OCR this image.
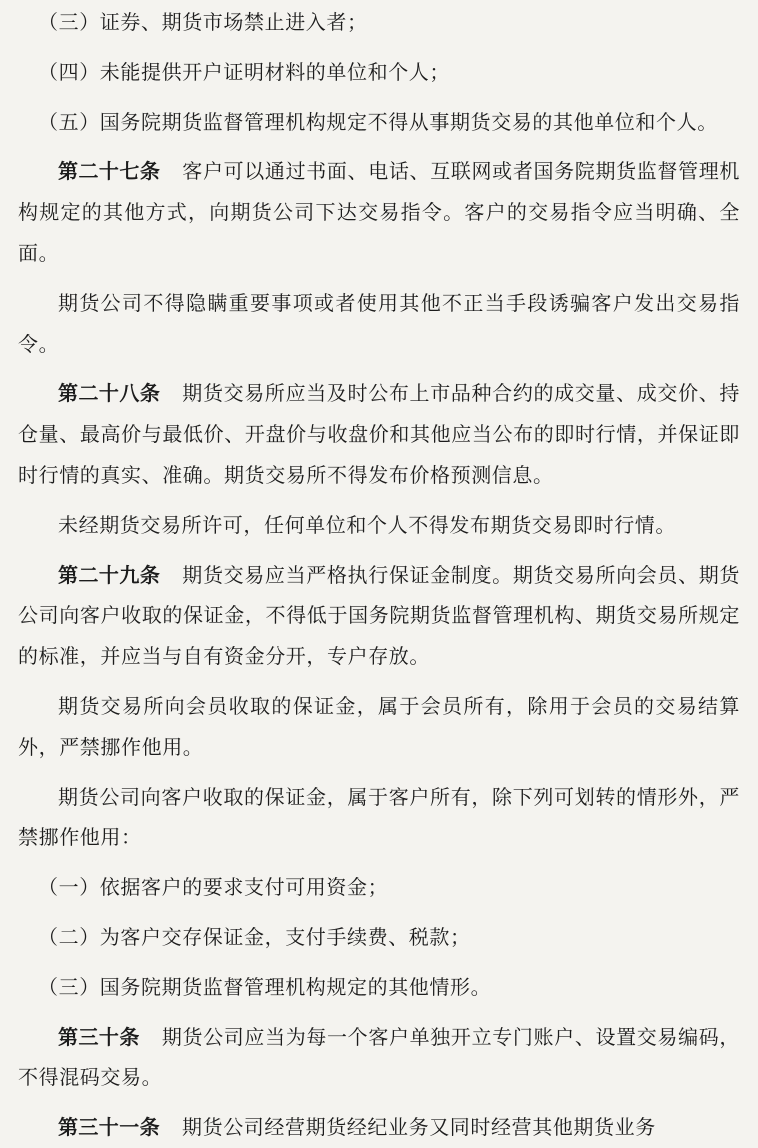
（三）证券、期货市场禁止进入者；

（四）未能提供开户证明材料的单位和个人；

（五）国务院期货监督管理机构规定不得从事期货交易的其他单位和个人。

第二十七条 客户可以通过书面、电话、互联网或者国务院期货监督管理机构规定的其他方式，向期货公司下达交易指令。客户的交易指令应当明确、全面。

期货公司不得隐瞒重要事项或者使用其他不正当手段诱骗客户发出交易指令。

第二十八条 期货交易所应当及时公布上市品种合约的成交量、成交价、持仓量、最高价与最低价、开盘价与收盘价和其他应当公布的即时行情，并保证即时行情的真实、准确。期货交易所不得发布价格预测信息。

未经期货交易所许可，任何单位和个人不得发布期货交易即时行情。

第二十九条 期货交易应当严格执行保证金制度。期货交易所向会员、期货公司向客户收取的保证金，不得低于国务院期货监督管理机构、期货交易所规定的标准，并应当与自有资金分开，专户存放。

期货交易所向会员收取的保证金，属于会员所有，除用于会员的交易结算外，严禁挪作他用。

期货公司向客户收取的保证金，属于客户所有，除下列可划转的情形外，严禁挪作他用：

（一）依据客户的要求支付可用资金；

（二）为客户交存保证金，支付手续费、税款；

（三）国务院期货监督管理机构规定的其他情形。

第三十条 期货公司应当为每一个客户单独开立专门账户、设置交易编码，不得混码交易。

第三十一条 期货公司经营期货经纪业务又同时经营其他期货业务
